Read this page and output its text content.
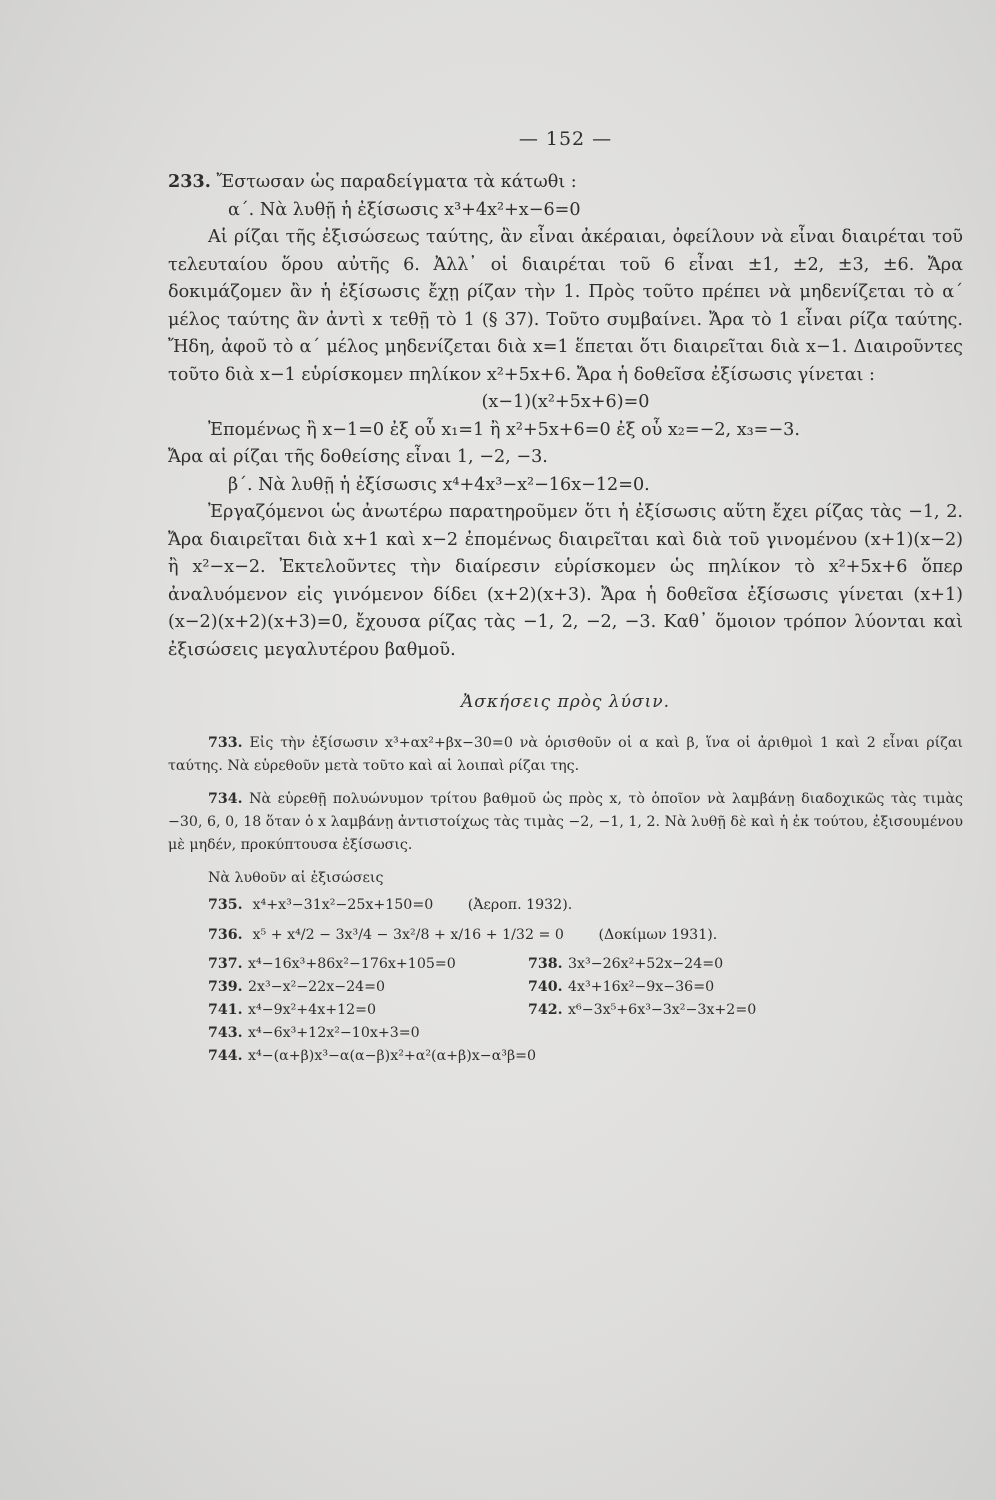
— 152 —

233. Ἔστωσαν ὡς παραδείγματα τὰ κάτωθι :

α΄. Νὰ λυθῇ ἡ ἐξίσωσις x³+4x²+x−6=0

Αἱ ρίζαι τῆς ἐξισώσεως ταύτης, ἂν εἶναι ἀκέραιαι, ὀφείλουν νὰ εἶναι διαιρέται τοῦ τελευταίου ὅρου αὐτῆς 6. Ἀλλ᾽ οἱ διαιρέται τοῦ 6 εἶναι ±1, ±2, ±3, ±6. Ἄρα δοκιμάζομεν ἂν ἡ ἐξίσωσις ἔχῃ ρίζαν τὴν 1. Πρὸς τοῦτο πρέπει νὰ μηδενίζεται τὸ α΄ μέλος ταύτης ἂν ἀντὶ x τεθῇ τὸ 1 (§ 37). Τοῦτο συμβαίνει. Ἄρα τὸ 1 εἶναι ρίζα ταύτης. Ἤδη, ἀφοῦ τὸ α΄ μέλος μηδενίζεται διὰ x=1 ἕπεται ὅτι διαιρεῖται διὰ x−1. Διαιροῦντες τοῦτο διὰ x−1 εὑρίσκομεν πηλίκον x²+5x+6. Ἄρα ἡ δοθεῖσα ἐξίσωσις γίνεται :

(x−1)(x²+5x+6)=0

Ἐπομένως ἢ x−1=0 ἐξ οὗ x₁=1 ἢ x²+5x+6=0 ἐξ οὗ x₂=−2, x₃=−3.

Ἄρα αἱ ρίζαι τῆς δοθείσης εἶναι 1, −2, −3.

β΄. Νὰ λυθῇ ἡ ἐξίσωσις x⁴+4x³−x²−16x−12=0.

Ἐργαζόμενοι ὡς ἀνωτέρω παρατηροῦμεν ὅτι ἡ ἐξίσωσις αὕτη ἔχει ρίζας τὰς −1, 2. Ἄρα διαιρεῖται διὰ x+1 καὶ x−2 ἐπομένως διαιρεῖται καὶ διὰ τοῦ γινομένου (x+1)(x−2) ἢ x²−x−2. Ἐκτελοῦντες τὴν διαίρεσιν εὑρίσκομεν ὡς πηλίκον τὸ x²+5x+6 ὅπερ ἀναλυόμενον εἰς γινόμενον δίδει (x+2)(x+3). Ἄρα ἡ δοθεῖσα ἐξίσωσις γίνεται (x+1)(x−2)(x+2)(x+3)=0, ἔχουσα ρίζας τὰς −1, 2, −2, −3. Καθ᾽ ὅμοιον τρόπον λύονται καὶ ἐξισώσεις μεγαλυτέρου βαθμοῦ.

Ἀσκήσεις πρὸς λύσιν.

733. Εἰς τὴν ἐξίσωσιν x³+αx²+βx−30=0 νὰ ὁρισθοῦν οἱ α καὶ β, ἵνα οἱ ἀριθμοὶ 1 καὶ 2 εἶναι ρίζαι ταύτης. Νὰ εὑρεθοῦν μετὰ τοῦτο καὶ αἱ λοιπαὶ ρίζαι της.

734. Νὰ εὑρεθῇ πολυώνυμον τρίτου βαθμοῦ ὡς πρὸς x, τὸ ὁποῖον νὰ λαμβάνῃ διαδοχικῶς τὰς τιμὰς −30, 6, 0, 18 ὅταν ὁ x λαμβάνῃ ἀντιστοίχως τὰς τιμὰς −2, −1, 1, 2. Νὰ λυθῇ δὲ καὶ ἡ ἐκ τούτου, ἐξισουμένου μὲ μηδέν, προκύπτουσα ἐξίσωσις.

Νὰ λυθοῦν αἱ ἐξισώσεις

735. x⁴+x³−31x²−25x+150=0 (Ἀεροπ. 1932).
736. x⁵ + x⁴/2 − 3x³/4 − 3x²/8 + x/16 + 1/32 = 0 (Δοκίμων 1931).
737. x⁴−16x³+86x²−176x+105=0	738. 3x³−26x²+52x−24=0
739. 2x³−x²−22x−24=0	740. 4x³+16x²−9x−36=0
741. x⁴−9x²+4x+12=0	742. x⁶−3x⁵+6x³−3x²−3x+2=0
743. x⁴−6x³+12x²−10x+3=0
744. x⁴−(α+β)x³−α(α−β)x²+α²(α+β)x−α³β=0
